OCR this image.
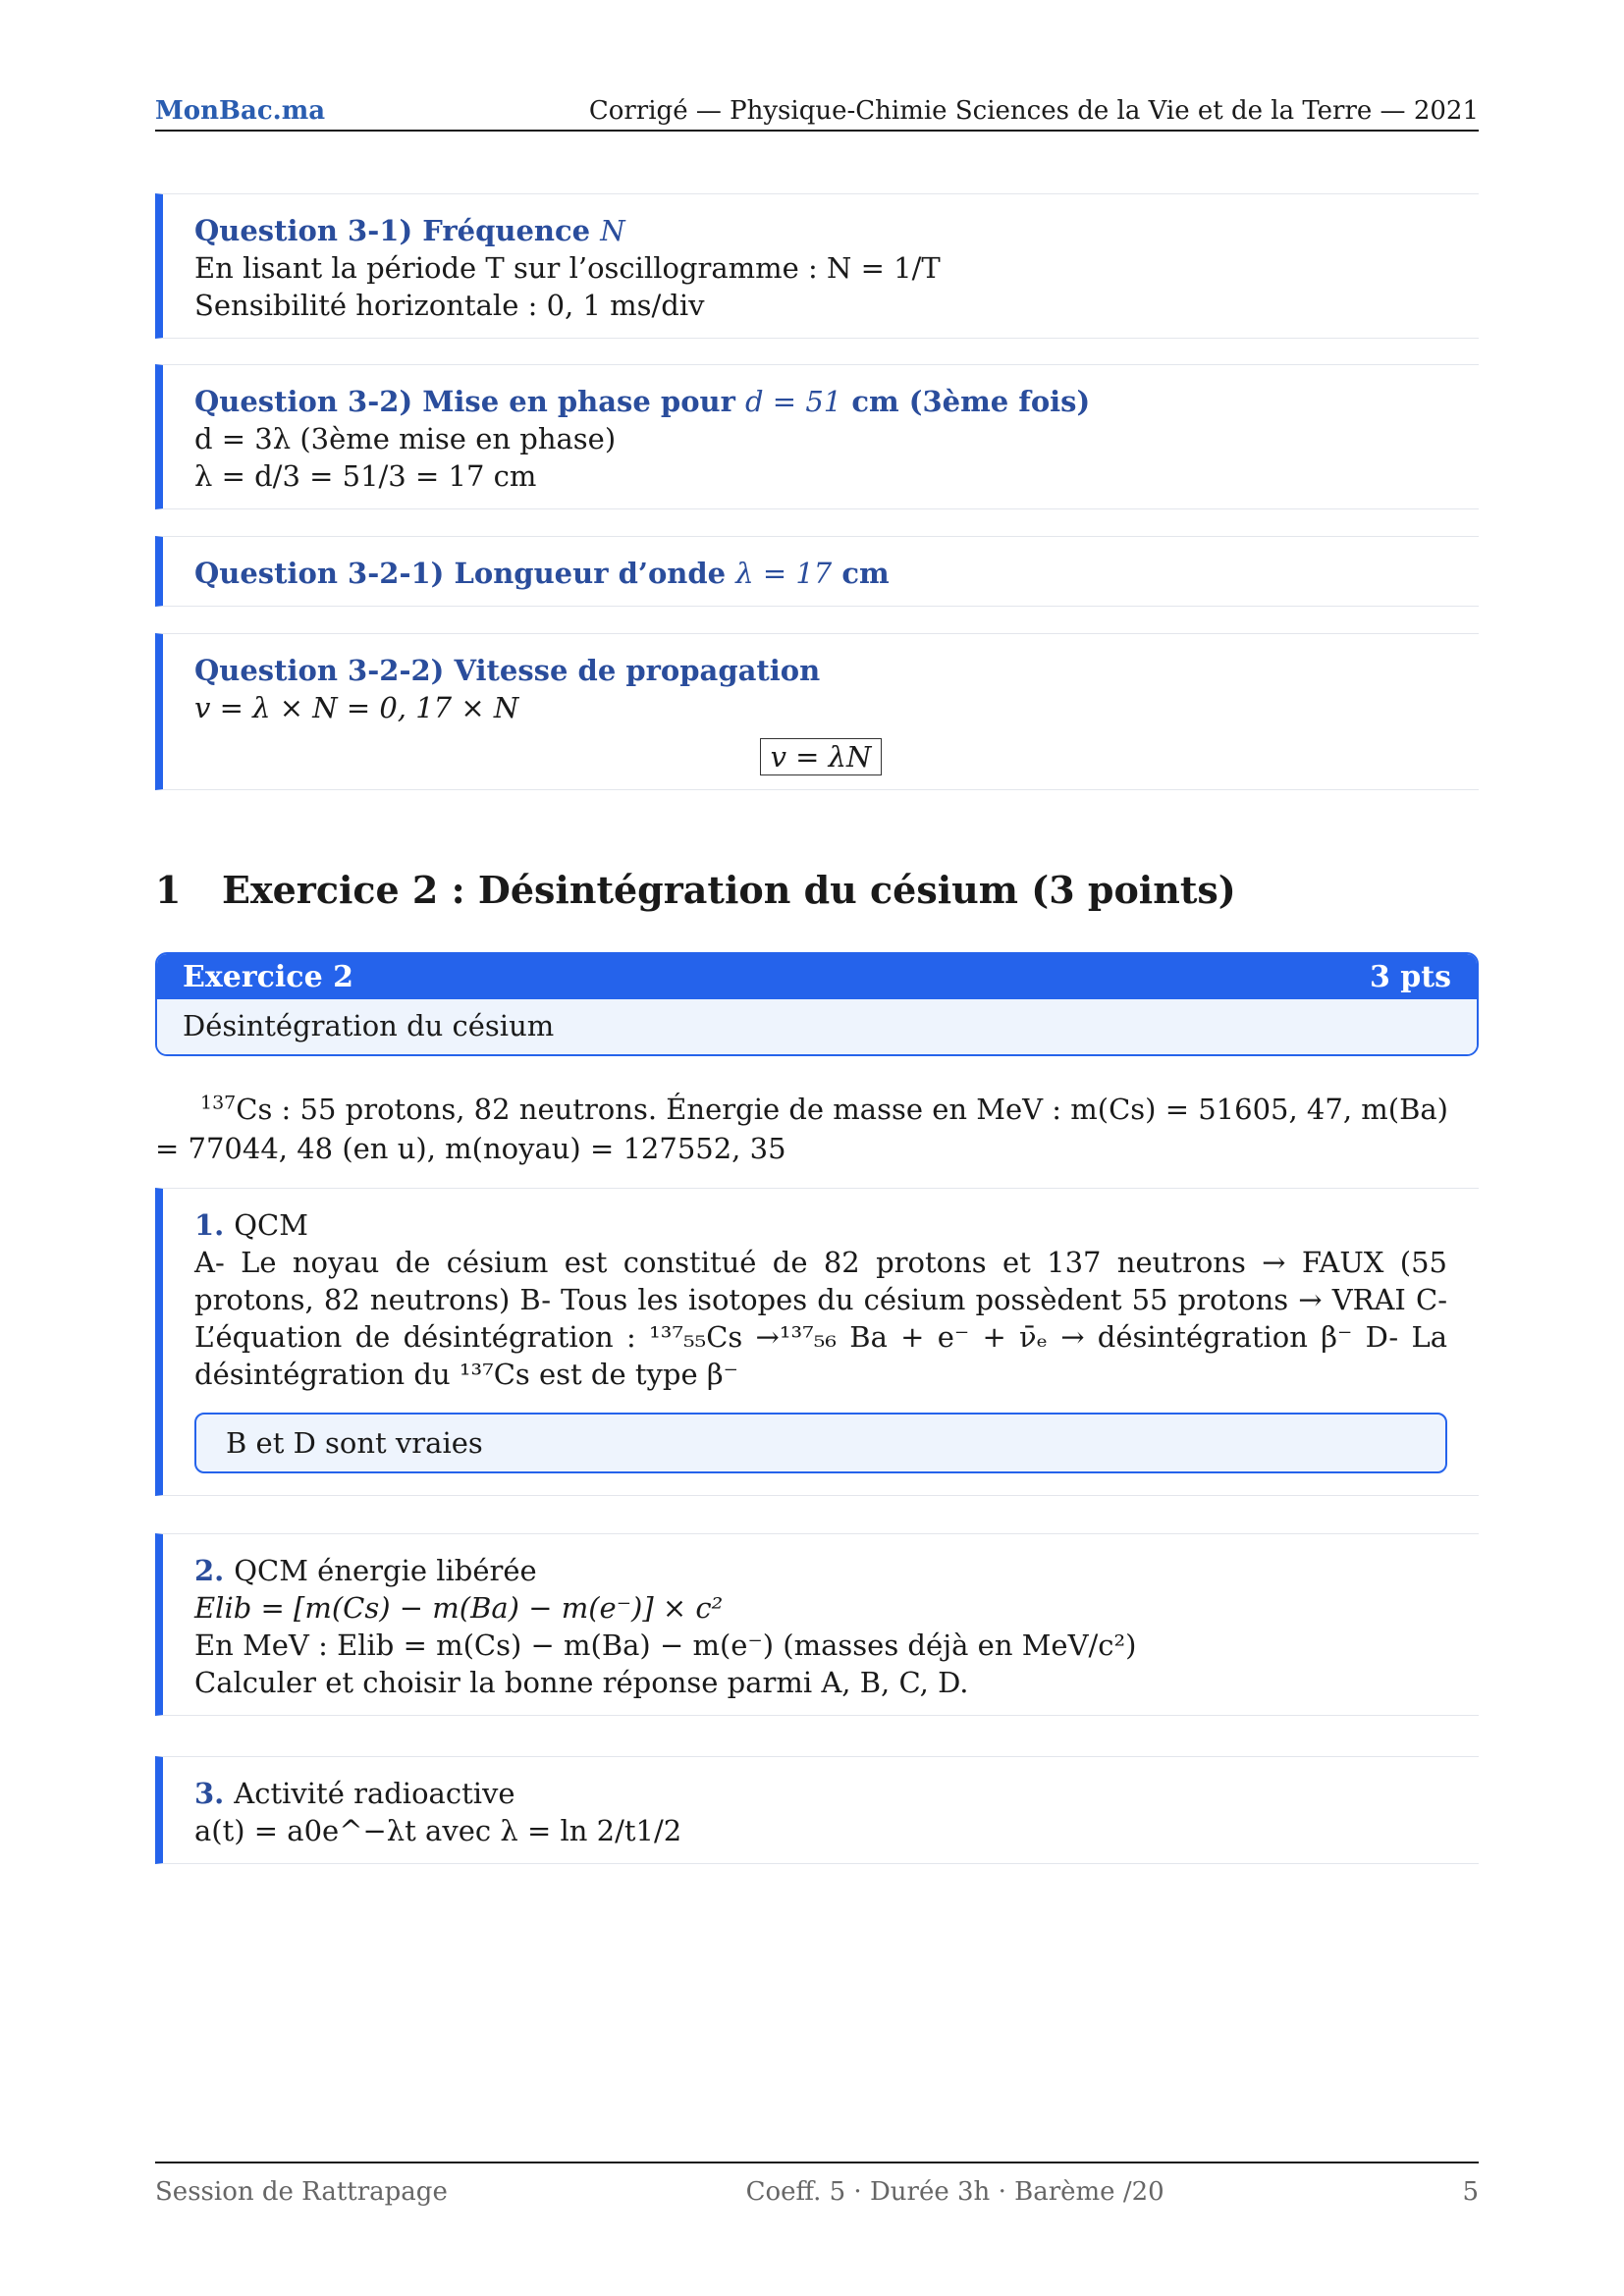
MonBac.ma	Corrigé — Physique-Chimie Sciences de la Vie et de la Terre — 2021
Question 3-1) Fréquence N
En lisant la période T sur l’oscillogramme : N = 1/T
Sensibilité horizontale : 0, 1 ms/div
Question 3-2) Mise en phase pour d = 51 cm (3ème fois)
d = 3λ (3ème mise en phase)
λ = d/3 = 51/3 = 17 cm
Question 3-2-1) Longueur d’onde λ = 17 cm
Question 3-2-2) Vitesse de propagation
v = λ × N = 0, 17 × N
v = λN
1 Exercice 2 : Désintégration du césium (3 points)
Exercice 2	3 pts
Désintégration du césium
$^{137}$Cs : 55 protons, 82 neutrons. Énergie de masse en MeV : m(Cs) = 51605, 47, m(Ba) = 77044, 48 (en u), m(noyau) = 127552, 35
1. QCM
A- Le noyau de césium est constitué de 82 protons et 137 neutrons → FAUX (55 protons, 82 neutrons) B- Tous les isotopes du césium possèdent 55 protons → VRAI C- L’équation de désintégration : ¹³⁷₅₅Cs →¹³⁷₅₆ Ba + e⁻ + ν̄ₑ → désintégration β⁻ D- La désintégration du ¹³⁷Cs est de type β⁻
B et D sont vraies
2. QCM énergie libérée
Elib = [m(Cs) − m(Ba) − m(e⁻)] × c²
En MeV : Elib = m(Cs) − m(Ba) − m(e⁻) (masses déjà en MeV/c²)
Calculer et choisir la bonne réponse parmi A, B, C, D.
3. Activité radioactive
a(t) = a0e^−λt avec λ = ln 2/t1/2
Session de Rattrapage	Coeff. 5 · Durée 3h · Barème /20	5
